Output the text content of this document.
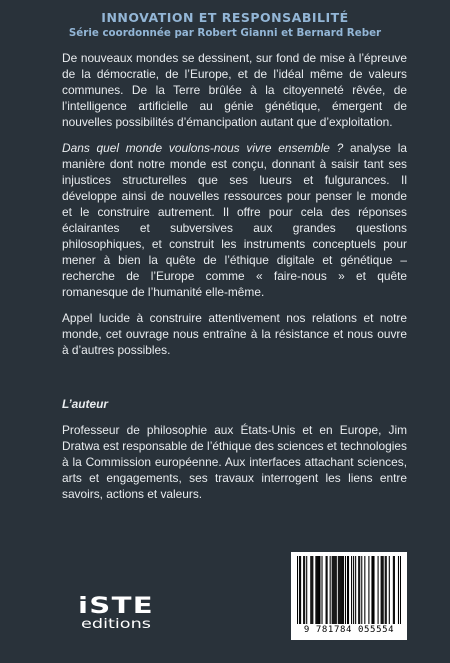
INNOVATION ET RESPONSABILITÉ
Série coordonnée par Robert Gianni et Bernard Reber

De nouveaux mondes se dessinent, sur fond de mise à l’épreuve de la démocratie, de l’Europe, et de l’idéal même de valeurs communes. De la Terre brûlée à la citoyenneté rêvée, de l’intelligence artificielle au génie génétique, émergent de nouvelles possibilités d’émancipation autant que d’exploitation.

Dans quel monde voulons-nous vivre ensemble ? analyse la manière dont notre monde est conçu, donnant à saisir tant ses injustices structurelles que ses lueurs et fulgurances. Il développe ainsi de nouvelles ressources pour penser le monde et le construire autrement. Il offre pour cela des réponses éclairantes et subversives aux grandes questions philosophiques, et construit les instruments conceptuels pour mener à bien la quête de l’éthique digitale et génétique – recherche de l’Europe comme « faire-nous » et quête romanesque de l’humanité elle-même.

Appel lucide à construire attentivement nos relations et notre monde, cet ouvrage nous entraîne à la résistance et nous ouvre à d’autres possibles.

L’auteur

Professeur de philosophie aux États-Unis et en Europe, Jim Dratwa est responsable de l’éthique des sciences et technologies à la Commission européenne. Aux interfaces attachant sciences, arts et engagements, ses travaux interrogent les liens entre savoirs, actions et valeurs.

iSTE
editions	9 781784 055554
